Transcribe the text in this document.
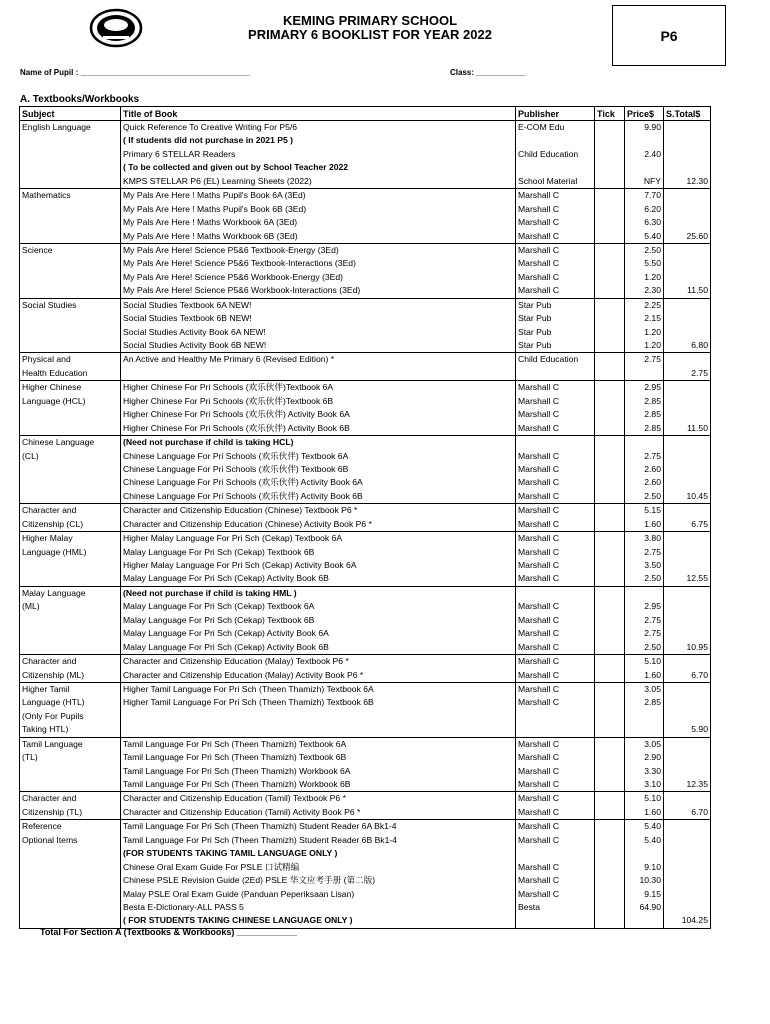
KEMING PRIMARY SCHOOL
PRIMARY 6 BOOKLIST FOR YEAR 2022	P6
Name of Pupil : ______________________________________	Class: ___________
A. Textbooks/Workbooks
Subject	Title of Book	Publisher	Tick	Price$	S.Total$
English Language	Quick Reference To Creative Writing For P5/6	E-COM Edu		9.90	
	( If students did not purchase in 2021 P5 )				
	Primary 6 STELLAR Readers	Child Education		2.40	
	( To be collected and given out by School Teacher 2022				
	KMPS STELLAR P6 (EL) Learning Sheets (2022)	School Material		NFY	12.30
Mathematics	My Pals Are Here ! Maths Pupil's Book 6A (3Ed)	Marshall C		7.70	
	My Pals Are Here ! Maths Pupil's Book 6B (3Ed)	Marshall C		6.20	
	My Pals Are Here ! Maths Workbook 6A (3Ed)	Marshall C		6.30	
	My Pals Are Here ! Maths Workbook 6B (3Ed)	Marshall C		5.40	25.60
Science	My Pals Are Here! Science P5&6 Textbook-Energy (3Ed)	Marshall C		2.50	
	My Pals Are Here! Science P5&6 Textbook-Interactions (3Ed)	Marshall C		5.50	
	My Pals Are Here! Science P5&6 Workbook-Energy (3Ed)	Marshall C		1.20	
	My Pals Are Here! Science P5&6 Workbook-Interactions (3Ed)	Marshall C		2.30	11.50
Social Studies	Social Studies Textbook 6A NEW!	Star Pub		2.25	
	Social Studies Textbook 6B NEW!	Star Pub		2.15	
	Social Studies Activity Book 6A NEW!	Star Pub		1.20	
	Social Studies Activity Book 6B NEW!	Star Pub		1.20	6.80
Physical and	An Active and Healthy Me Primary 6 (Revised Edition) *	Child Education		2.75	
Health Education					2.75
Higher Chinese	Higher Chinese For Pri Schools (欢乐伙伴)Textbook 6A	Marshall C		2.95	
Language (HCL)	Higher Chinese For Pri Schools (欢乐伙伴)Textbook 6B	Marshall C		2.85	
	Higher Chinese For Pri Schools (欢乐伙伴) Activity Book 6A	Marshall C		2.85	
	Higher Chinese For Pri Schools (欢乐伙伴) Activity Book 6B	Marshall C		2.85	11.50
Chinese Language	(Need not purchase if child is taking HCL)				
(CL)	Chinese Language For Pri Schools (欢乐伙伴) Textbook 6A	Marshall C		2.75	
	Chinese Language For Pri Schools (欢乐伙伴) Textbook 6B	Marshall C		2.60	
	Chinese Language For Pri Schools (欢乐伙伴) Activity Book 6A	Marshall C		2.60	
	Chinese Language For Pri Schools (欢乐伙伴) Activity Book 6B	Marshall C		2.50	10.45
Character and	Character and Citizenship Education (Chinese) Textbook P6 *	Marshall C		5.15	
Citizenship (CL)	Character and Citizenship Education (Chinese) Activity Book P6 *	Marshall C		1.60	6.75
Higher Malay	Higher Malay Language For Pri Sch (Cekap) Textbook 6A	Marshall C		3.80	
Language (HML)	Malay Language For Pri Sch (Cekap) Textbook 6B	Marshall C		2.75	
	Higher Malay Language For Pri Sch (Cekap) Activity Book 6A	Marshall C		3.50	
	Malay Language For Pri Sch (Cekap) Activity Book 6B	Marshall C		2.50	12.55
Malay Language	(Need not purchase if child is taking HML )				
(ML)	Malay Language For Pri Sch (Cekap) Textbook 6A	Marshall C		2.95	
	Malay Language For Pri Sch (Cekap) Textbook 6B	Marshall C		2.75	
	Malay Language For Pri Sch (Cekap) Activity Book 6A	Marshall C		2.75	
	Malay Language For Pri Sch (Cekap) Activity Book 6B	Marshall C		2.50	10.95
Character and	Character and Citizenship Education (Malay) Textbook P6 *	Marshall C		5.10	
Citizenship (ML)	Character and Citizenship Education (Malay) Activity Book P6 *	Marshall C		1.60	6.70
Higher Tamil	Higher Tamil Language For Pri Sch (Theen Thamizh) Textbook 6A	Marshall C		3.05	
Language (HTL)	Higher Tamil Language For Pri Sch (Theen Thamizh) Textbook 6B	Marshall C		2.85	
(Only For Pupils					
Taking HTL)					5.90
Tamil Language	Tamil Language For Pri Sch (Theen Thamizh) Textbook 6A	Marshall C		3.05	
(TL)	Tamil Language For Pri Sch (Theen Thamizh) Textbook 6B	Marshall C		2.90	
	Tamil Language For Pri Sch (Theen Thamizh) Workbook 6A	Marshall C		3.30	
	Tamil Language For Pri Sch (Theen Thamizh) Workbook 6B	Marshall C		3.10	12.35
Character and	Character and Citizenship Education (Tamil) Textbook P6 *	Marshall C		5.10	
Citizenship (TL)	Character and Citizenship Education (Tamil) Activity Book P6 *	Marshall C		1.60	6.70
Reference	Tamil Language For Pri Sch (Theen Thamizh) Student Reader 6A Bk1-4	Marshall C		5.40	
Optional Items	Tamil Language For Pri Sch (Theen Thamizh) Student Reader 6B Bk1-4	Marshall C		5.40	
	(FOR STUDENTS TAKING TAMIL LANGUAGE ONLY )				
	Chinese Oral Exam Guide For PSLE 口试精编	Marshall C		9.10	
	Chinese PSLE Revision Guide (2Ed) PSLE 华文应考手册 (第二版)	Marshall C		10.30	
	Malay PSLE Oral Exam Guide (Panduan Peperiksaan Lisan)	Marshall C		9.15	
	Besta E-Dictionary-ALL PASS 5	Besta		64.90	
	( FOR STUDENTS TAKING CHINESE LANGUAGE ONLY )				104.25
Total For Section A (Textbooks & Workbooks) ____________
